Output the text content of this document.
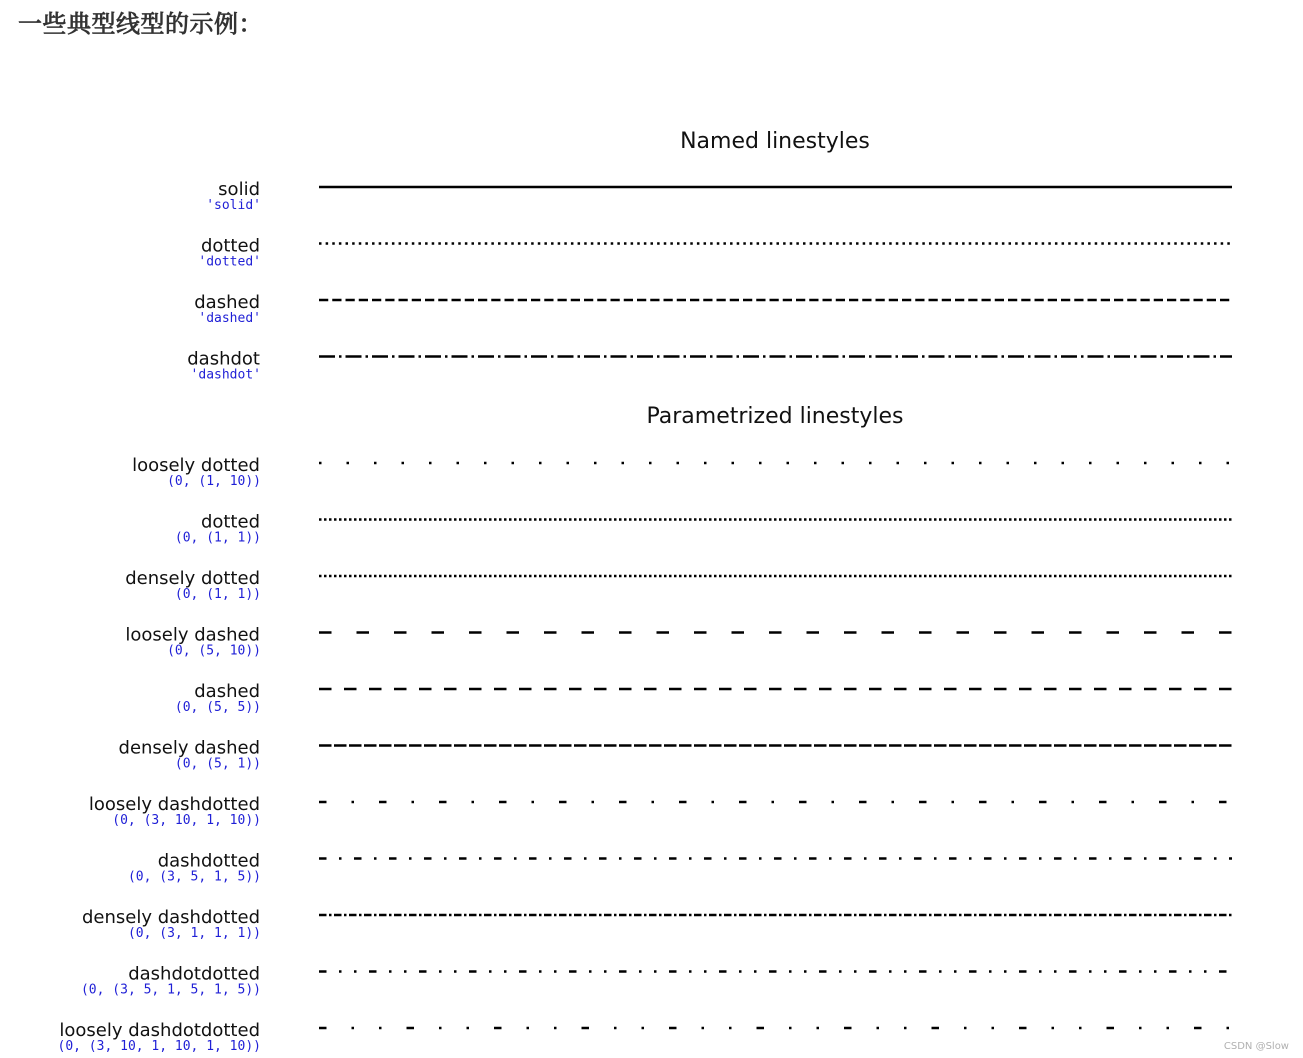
一些典型线型的示例：
Named linestyles
solid
'solid'
dotted
'dotted'
dashed
'dashed'
dashdot
'dashdot'
Parametrized linestyles
loosely dotted
(0, (1, 10))
dotted
(0, (1, 1))
densely dotted
(0, (1, 1))
loosely dashed
(0, (5, 10))
dashed
(0, (5, 5))
densely dashed
(0, (5, 1))
loosely dashdotted
(0, (3, 10, 1, 10))
dashdotted
(0, (3, 5, 1, 5))
densely dashdotted
(0, (3, 1, 1, 1))
dashdotdotted
(0, (3, 5, 1, 5, 1, 5))
loosely dashdotdotted
(0, (3, 10, 1, 10, 1, 10))	CSDN @Slow
